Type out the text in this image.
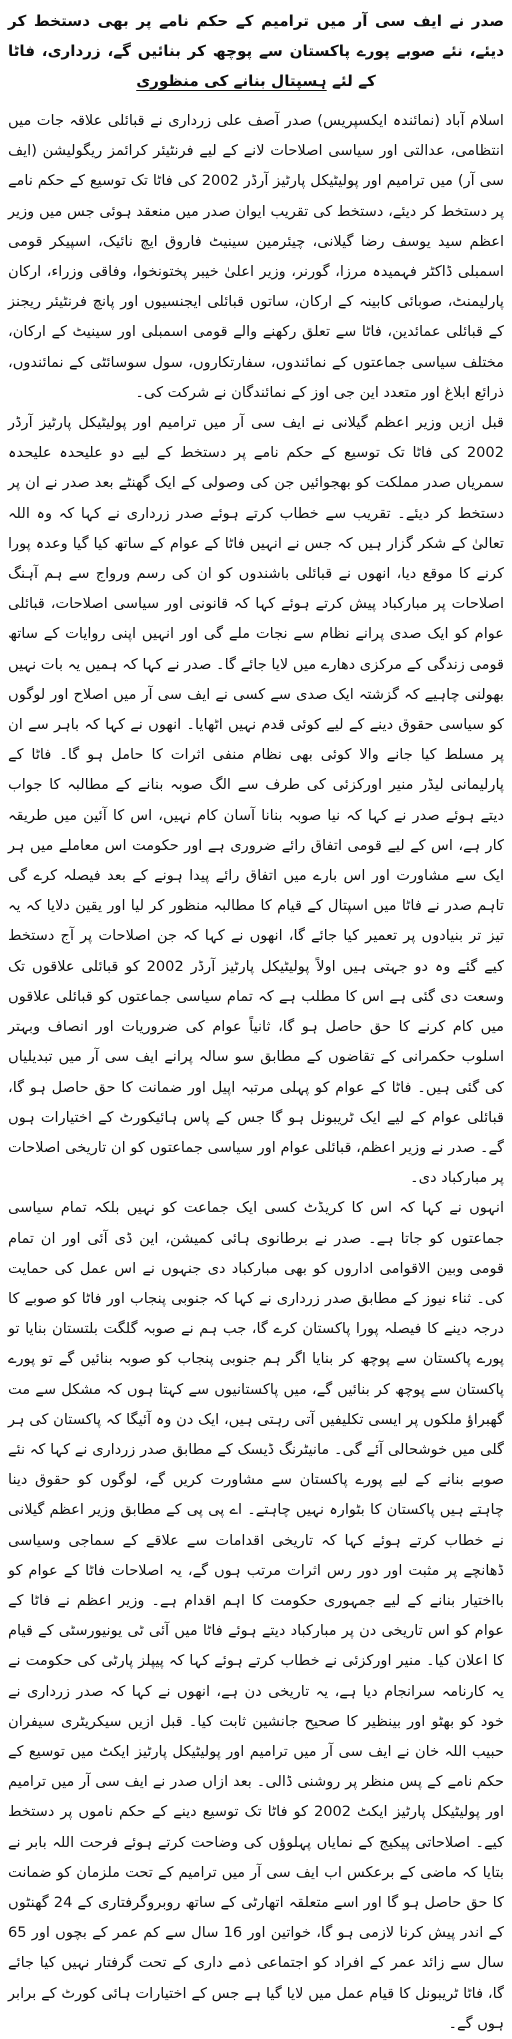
صدر نے ایف سی آر میں ترامیم کے حکم نامے پر بھی دستخط کر دیئے، نئے صوبے پورے پاکستان سے پوچھ کر بنائیں گے، زرداری، فاٹا کے لئے ہسپتال بنانے کی منظوری

اسلام آباد (نمائندہ ایکسپریس) صدر آصف علی زرداری نے قبائلی علاقہ جات میں انتظامی، عدالتی اور سیاسی اصلاحات لانے کے لیے فرنٹیئر کرائمز ریگولیشن (ایف سی آر) میں ترامیم اور پولیٹیکل پارٹیز آرڈر 2002 کی فاٹا تک توسیع کے حکم نامے پر دستخط کر دیئے، دستخط کی تقریب ایوان صدر میں منعقد ہوئی جس میں وزیر اعظم سید یوسف رضا گیلانی، چیئرمین سینیٹ فاروق ایچ نائیک، اسپیکر قومی اسمبلی ڈاکٹر فہمیدہ مرزا، گورنر، وزیر اعلیٰ خیبر پختونخوا، وفاقی وزراء، ارکان پارلیمنٹ، صوبائی کابینہ کے ارکان، ساتوں قبائلی ایجنسیوں اور پانچ فرنٹیئر ریجنز کے قبائلی عمائدین، فاٹا سے تعلق رکھنے والے قومی اسمبلی اور سینیٹ کے ارکان، مختلف سیاسی جماعتوں کے نمائندوں، سفارتکاروں، سول سوسائٹی کے نمائندوں، ذرائع ابلاغ اور متعدد این جی اوز کے نمائندگان نے شرکت کی۔

قبل ازیں وزیر اعظم گیلانی نے ایف سی آر میں ترامیم اور پولیٹیکل پارٹیز آرڈر 2002 کی فاٹا تک توسیع کے حکم نامے پر دستخط کے لیے دو علیحدہ علیحدہ سمریاں صدر مملکت کو بھجوائیں جن کی وصولی کے ایک گھنٹے بعد صدر نے ان پر دستخط کر دیئے۔ تقریب سے خطاب کرتے ہوئے صدر زرداری نے کہا کہ وہ اللہ تعالیٰ کے شکر گزار ہیں کہ جس نے انہیں فاٹا کے عوام کے ساتھ کیا گیا وعدہ پورا کرنے کا موقع دیا، انھوں نے قبائلی باشندوں کو ان کی رسم ورواج سے ہم آہنگ اصلاحات پر مبارکباد پیش کرتے ہوئے کہا کہ قانونی اور سیاسی اصلاحات، قبائلی عوام کو ایک صدی پرانے نظام سے نجات ملے گی اور انہیں اپنی روایات کے ساتھ قومی زندگی کے مرکزی دھارے میں لایا جائے گا۔ صدر نے کہا کہ ہمیں یہ بات نہیں بھولنی چاہیے کہ گزشتہ ایک صدی سے کسی نے ایف سی آر میں اصلاح اور لوگوں کو سیاسی حقوق دینے کے لیے کوئی قدم نہیں اٹھایا۔ انھوں نے کہا کہ باہر سے ان پر مسلط کیا جانے والا کوئی بھی نظام منفی اثرات کا حامل ہو گا۔ فاٹا کے پارلیمانی لیڈر منیر اورکزئی کی طرف سے الگ صوبہ بنانے کے مطالبہ کا جواب دیتے ہوئے صدر نے کہا کہ نیا صوبہ بنانا آسان کام نہیں، اس کا آئین میں طریقہ کار ہے، اس کے لیے قومی اتفاق رائے ضروری ہے اور حکومت اس معاملے میں ہر ایک سے مشاورت اور اس بارے میں اتفاق رائے پیدا ہونے کے بعد فیصلہ کرے گی تاہم صدر نے فاٹا میں اسپتال کے قیام کا مطالبہ منظور کر لیا اور یقین دلایا کہ یہ تیز تر بنیادوں پر تعمیر کیا جائے گا، انھوں نے کہا کہ جن اصلاحات پر آج دستخط کیے گئے وہ دو جہتی ہیں اولاً پولیٹیکل پارٹیز آرڈر 2002 کو قبائلی علاقوں تک وسعت دی گئی ہے اس کا مطلب ہے کہ تمام سیاسی جماعتوں کو قبائلی علاقوں میں کام کرنے کا حق حاصل ہو گا، ثانیاً عوام کی ضروریات اور انصاف وبہتر اسلوب حکمرانی کے تقاضوں کے مطابق سو سالہ پرانے ایف سی آر میں تبدیلیاں کی گئی ہیں۔ فاٹا کے عوام کو پہلی مرتبہ اپیل اور ضمانت کا حق حاصل ہو گا، قبائلی عوام کے لیے ایک ٹریبونل ہو گا جس کے پاس ہائیکورٹ کے اختیارات ہوں گے۔ صدر نے وزیر اعظم، قبائلی عوام اور سیاسی جماعتوں کو ان تاریخی اصلاحات پر مبارکباد دی۔

انہوں نے کہا کہ اس کا کریڈٹ کسی ایک جماعت کو نہیں بلکہ تمام سیاسی جماعتوں کو جاتا ہے۔ صدر نے برطانوی ہائی کمیشن، این ڈی آئی اور ان تمام قومی وبین الاقوامی اداروں کو بھی مبارکباد دی جنہوں نے اس عمل کی حمایت کی۔ ثناء نیوز کے مطابق صدر زرداری نے کہا کہ جنوبی پنجاب اور فاٹا کو صوبے کا درجہ دینے کا فیصلہ پورا پاکستان کرے گا، جب ہم نے صوبہ گلگت بلتستان بنایا تو پورے پاکستان سے پوچھ کر بنایا اگر ہم جنوبی پنجاب کو صوبہ بنائیں گے تو پورے پاکستان سے پوچھ کر بنائیں گے، میں پاکستانیوں سے کہتا ہوں کہ مشکل سے مت گھبراؤ ملکوں پر ایسی تکلیفیں آتی رہتی ہیں، ایک دن وہ آئیگا کہ پاکستان کی ہر گلی میں خوشحالی آئے گی۔ مانیٹرنگ ڈیسک کے مطابق صدر زرداری نے کہا کہ نئے صوبے بنانے کے لیے پورے پاکستان سے مشاورت کریں گے، لوگوں کو حقوق دینا چاہتے ہیں پاکستان کا بٹوارہ نہیں چاہتے۔ اے پی پی کے مطابق وزیر اعظم گیلانی نے خطاب کرتے ہوئے کہا کہ تاریخی اقدامات سے علاقے کے سماجی وسیاسی ڈھانچے پر مثبت اور دور رس اثرات مرتب ہوں گے، یہ اصلاحات فاٹا کے عوام کو بااختیار بنانے کے لیے جمہوری حکومت کا اہم اقدام ہے۔ وزیر اعظم نے فاٹا کے عوام کو اس تاریخی دن پر مبارکباد دیتے ہوئے فاٹا میں آئی ٹی یونیورسٹی کے قیام کا اعلان کیا۔ منیر اورکزئی نے خطاب کرتے ہوئے کہا کہ پیپلز پارٹی کی حکومت نے یہ کارنامہ سرانجام دیا ہے، یہ تاریخی دن ہے، انھوں نے کہا کہ صدر زرداری نے خود کو بھٹو اور بینظیر کا صحیح جانشین ثابت کیا۔ قبل ازیں سیکریٹری سیفران حبیب اللہ خان نے ایف سی آر میں ترامیم اور پولیٹیکل پارٹیز ایکٹ میں توسیع کے حکم نامے کے پس منظر پر روشنی ڈالی۔ بعد ازاں صدر نے ایف سی آر میں ترامیم اور پولیٹیکل پارٹیز ایکٹ 2002 کو فاٹا تک توسیع دینے کے حکم ناموں پر دستخط کیے۔ اصلاحاتی پیکیج کے نمایاں پہلوؤں کی وضاحت کرتے ہوئے فرحت اللہ بابر نے بتایا کہ ماضی کے برعکس اب ایف سی آر میں ترامیم کے تحت ملزمان کو ضمانت کا حق حاصل ہو گا اور اسے متعلقہ اتھارٹی کے ساتھ روبروگرفتاری کے 24 گھنٹوں کے اندر پیش کرنا لازمی ہو گا، خواتین اور 16 سال سے کم عمر کے بچوں اور 65 سال سے زائد عمر کے افراد کو اجتماعی ذمے داری کے تحت گرفتار نہیں کیا جائے گا، فاٹا ٹریبونل کا قیام عمل میں لایا گیا ہے جس کے اختیارات ہائی کورٹ کے برابر ہوں گے۔
